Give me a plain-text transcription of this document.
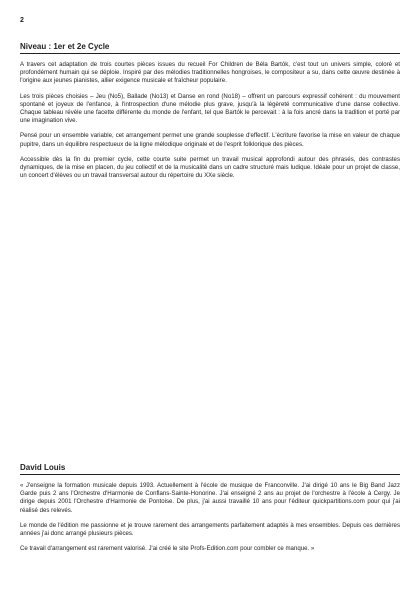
2
Niveau : 1er et 2e Cycle

A travers cet adaptation de trois courtes pièces issues du recueil For Children de Béla Bartók, c'est tout un univers simple, coloré et profondément humain qui se déploie. Inspiré par des mélodies traditionnelles hongroises, le compositeur a su, dans cette œuvre destinée à l'origine aux jeunes pianistes, allier exigence musicale et fraîcheur populaire.

Les trois pièces choisies – Jeu (No5), Ballade (No13) et Danse en rond (No18) – offrent un parcours expressif cohérent : du mouvement spontané et joyeux de l'enfance, à l'introspection d'une mélodie plus grave, jusqu'à la légèreté communicative d'une danse collective. Chaque tableau révèle une facette différente du monde de l'enfant, tel que Bartók le percevait : à la fois ancré dans la tradition et porté par une imagination vive.

Pensé pour un ensemble variable, cet arrangement permet une grande souplesse d'effectif. L'écriture favorise la mise en valeur de chaque pupitre, dans un équilibre respectueux de la ligne mélodique originale et de l'esprit folklorique des pièces.

Accessible dès la fin du premier cycle, cette courte suite permet un travail musical approfondi autour des phrasés, des contrastes dynamiques, de la mise en placen, du jeu collectif et de la musicalité dans un cadre structuré mais ludique. Idéale pour un projet de classe, un concert d'élèves ou un travail transversal autour du répertoire du XXe siècle.

David Louis

« J'enseigne la formation musicale depuis 1993. Actuellement à l'école de musique de Franconville. J'ai dirigé 10 ans le Big Band Jazz Garde puis 2 ans l'Orchestre d'Harmonie de Conflans-Sainte-Honorine. J'ai enseigné 2 ans au projet de l'orchestre à l'école à Cergy. Je dirige depuis 2001 l'Orchestre d'Harmonie de Pontoise. De plus, j'ai aussi travaillé 10 ans pour l'éditeur quickpartitions.com pour qui j'ai réalisé des relevés.

Le monde de l'édition me passionne et je trouve rarement des arrangements parfaitement adaptés à mes ensembles. Depuis ces dernières années j'ai donc arrangé plusieurs pièces.

Ce travail d'arrangement est rarement valorisé. J'ai créé le site Profs-Edition.com pour combler ce manque. »
